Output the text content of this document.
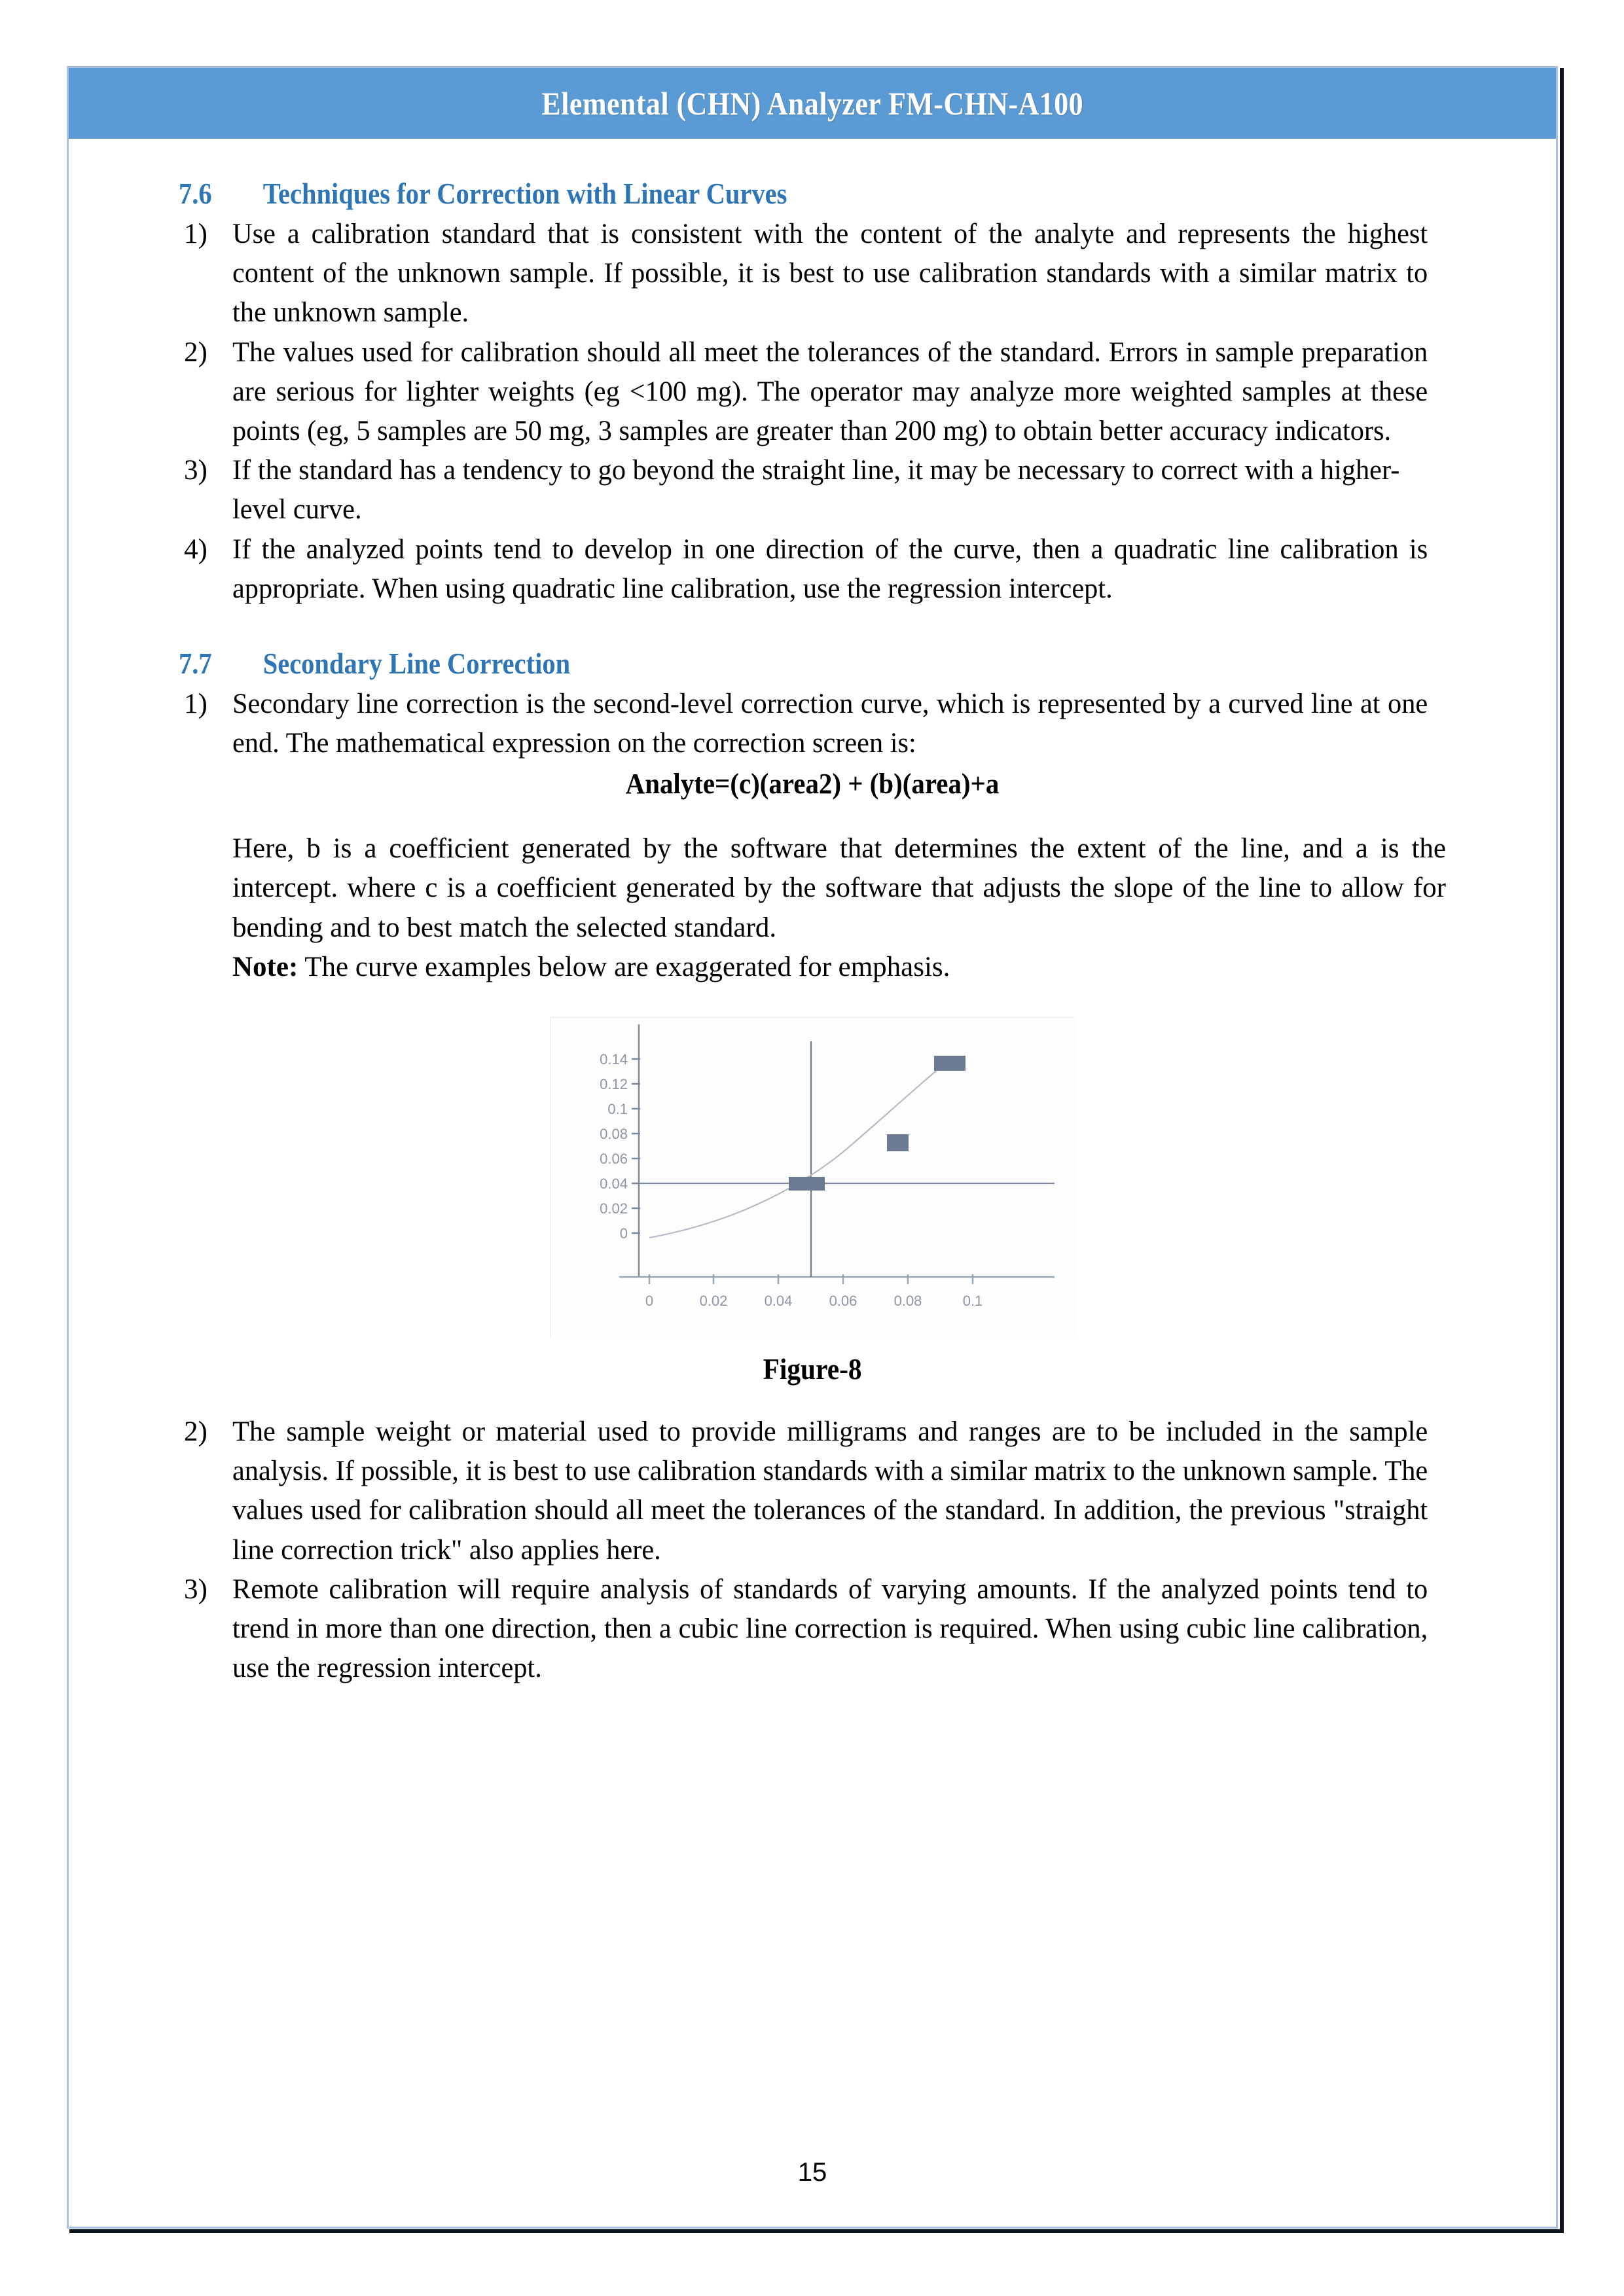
Elemental (CHN) Analyzer FM-CHN-A100
7.6	Techniques for Correction with Linear Curves
1) Use a calibration standard that is consistent with the content of the analyte and represents the highest content of the unknown sample. If possible, it is best to use calibration standards with a similar matrix to the unknown sample.
2) The values used for calibration should all meet the tolerances of the standard. Errors in sample preparation are serious for lighter weights (eg <100 mg). The operator may analyze more weighted samples at these points (eg, 5 samples are 50 mg, 3 samples are greater than 200 mg) to obtain better accuracy indicators.
3) If the standard has a tendency to go beyond the straight line, it may be necessary to correct with a higher-level curve.
4) If the analyzed points tend to develop in one direction of the curve, then a quadratic line calibration is appropriate. When using quadratic line calibration, use the regression intercept.
7.7	Secondary Line Correction
1) Secondary line correction is the second-level correction curve, which is represented by a curved line at one end. The mathematical expression on the correction screen is:
Analyte=(c)(area2) + (b)(area)+a
Here, b is a coefficient generated by the software that determines the extent of the line, and a is the intercept. where c is a coefficient generated by the software that adjusts the slope of the line to allow for bending and to best match the selected standard.
Note: The curve examples below are exaggerated for emphasis.
0.14
0.12
0.1
0.08
0.06
0.04
0.02
0
0	0.02	0.04	0.06	0.08	0.1
Figure-8
2) The sample weight or material used to provide milligrams and ranges are to be included in the sample analysis. If possible, it is best to use calibration standards with a similar matrix to the unknown sample. The values used for calibration should all meet the tolerances of the standard. In addition, the previous "straight line correction trick" also applies here.
3) Remote calibration will require analysis of standards of varying amounts. If the analyzed points tend to trend in more than one direction, then a cubic line correction is required. When using cubic line calibration, use the regression intercept.
15
